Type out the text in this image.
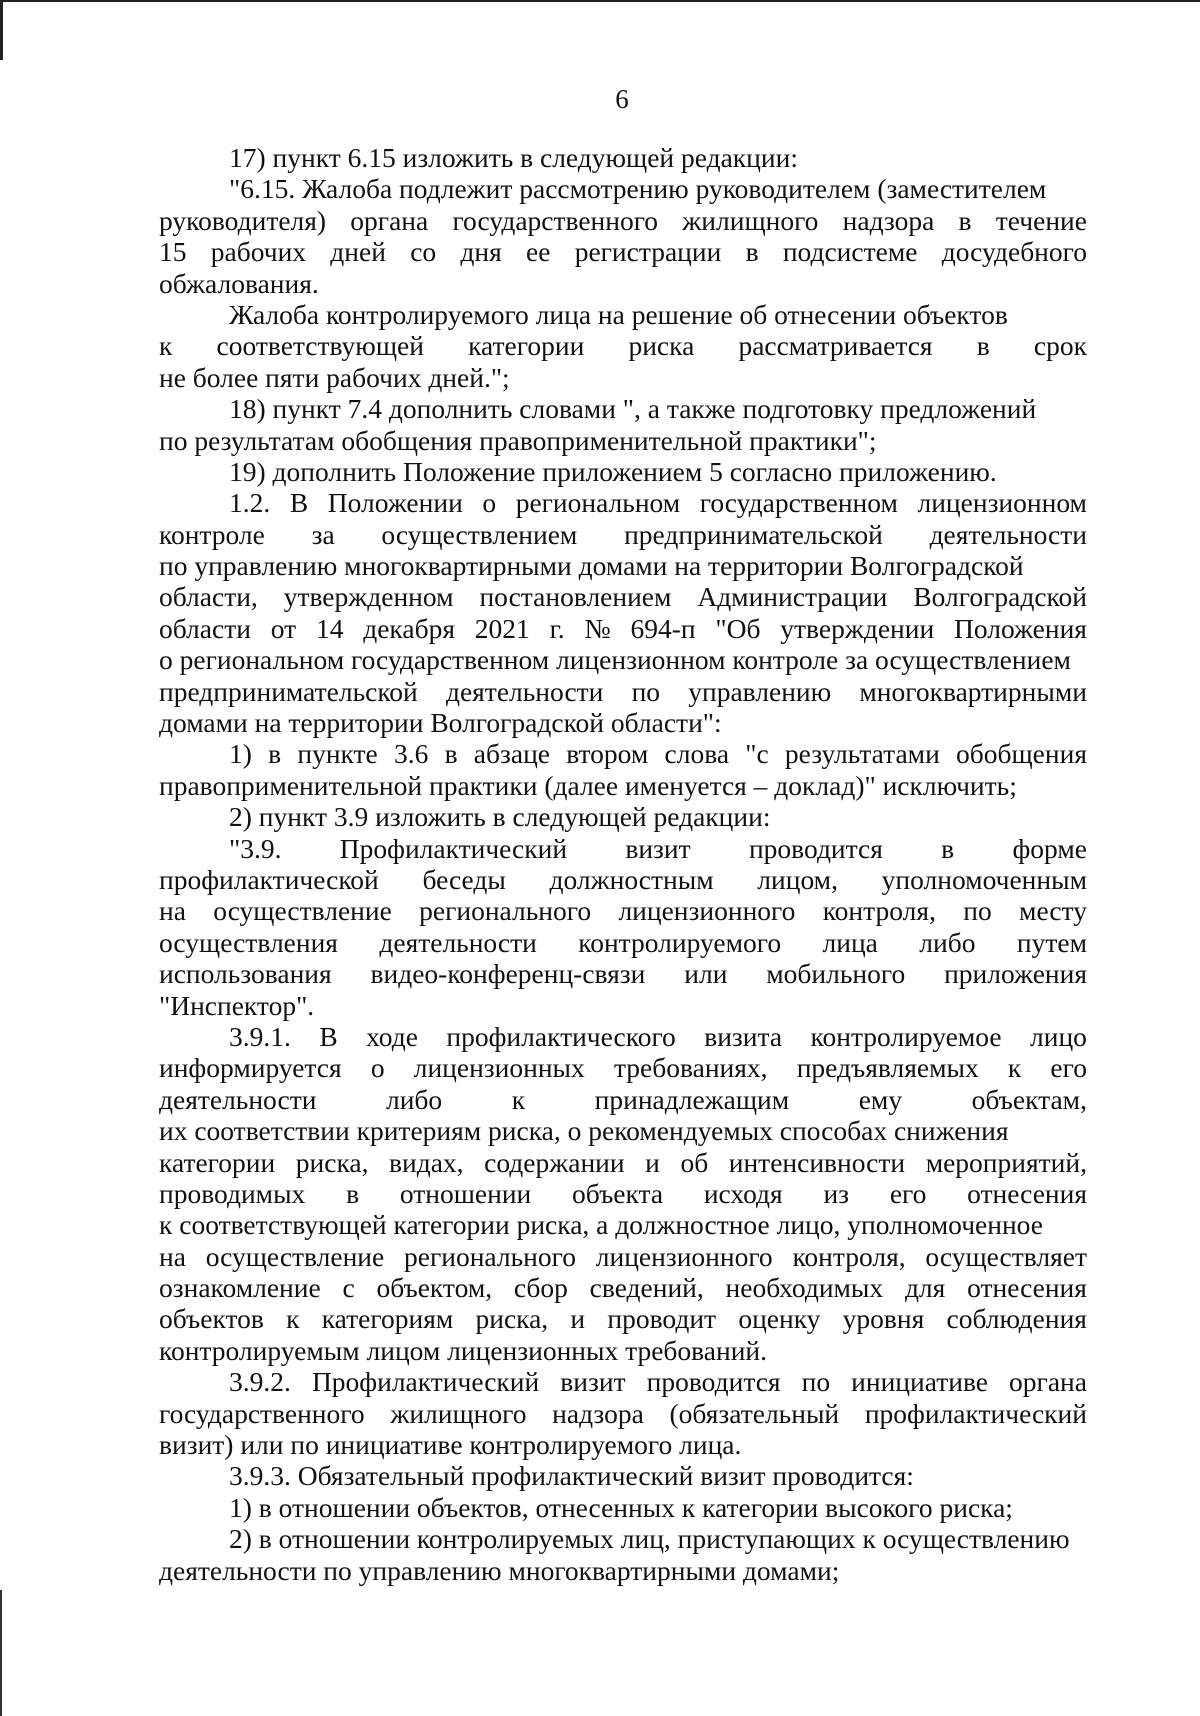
6
17) пункт 6.15 изложить в следующей редакции:
"6.15. Жалоба подлежит рассмотрению руководителем (заместителем
руководителя) органа государственного жилищного надзора в течение
15 рабочих дней со дня ее регистрации в подсистеме досудебного
обжалования.
Жалоба контролируемого лица на решение об отнесении объектов
к соответствующей категории риска рассматривается в срок
не более пяти рабочих дней.";
18) пункт 7.4 дополнить словами ", а также подготовку предложений
по результатам обобщения правоприменительной практики";
19) дополнить Положение приложением 5 согласно приложению.
1.2. В Положении о региональном государственном лицензионном
контроле за осуществлением предпринимательской деятельности
по управлению многоквартирными домами на территории Волгоградской
области, утвержденном постановлением Администрации Волгоградской
области от 14 декабря 2021 г. № 694-п "Об утверждении Положения
о региональном государственном лицензионном контроле за осуществлением
предпринимательской деятельности по управлению многоквартирными
домами на территории Волгоградской области":
1) в пункте 3.6 в абзаце втором слова "с результатами обобщения
правоприменительной практики (далее именуется – доклад)" исключить;
2) пункт 3.9 изложить в следующей редакции:
"3.9. Профилактический визит проводится в форме
профилактической беседы должностным лицом, уполномоченным
на осуществление регионального лицензионного контроля, по месту
осуществления деятельности контролируемого лица либо путем
использования видео-конференц-связи или мобильного приложения
"Инспектор".
3.9.1. В ходе профилактического визита контролируемое лицо
информируется о лицензионных требованиях, предъявляемых к его
деятельности	либо	к	принадлежащим	ему	объектам,
их соответствии критериям риска, о рекомендуемых способах снижения
категории риска, видах, содержании и об интенсивности мероприятий,
проводимых в отношении объекта исходя из его отнесения
к соответствующей категории риска, а должностное лицо, уполномоченное
на осуществление регионального лицензионного контроля, осуществляет
ознакомление с объектом, сбор сведений, необходимых для отнесения
объектов к категориям риска, и проводит оценку уровня соблюдения
контролируемым лицом лицензионных требований.
3.9.2. Профилактический визит проводится по инициативе органа
государственного жилищного надзора (обязательный профилактический
визит) или по инициативе контролируемого лица.
3.9.3. Обязательный профилактический визит проводится:
1) в отношении объектов, отнесенных к категории высокого риска;
2) в отношении контролируемых лиц, приступающих к осуществлению
деятельности по управлению многоквартирными домами;
